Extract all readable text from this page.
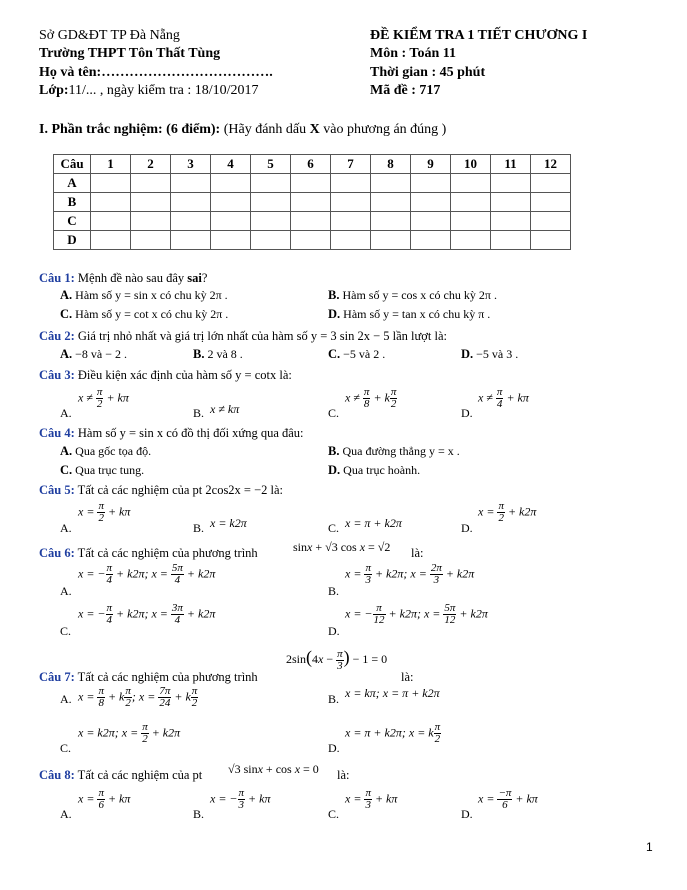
Sở GD&ĐT TP Đà Nẵng
Trường THPT Tôn Thất Tùng
Họ và tên:……………………………….
Lớp:11/... , ngày kiểm tra : 18/10/2017
ĐỀ KIỂM TRA 1 TIẾT CHƯƠNG I
Môn : Toán 11
Thời gian : 45 phút
Mã đề : 717
I. Phần trắc nghiệm: (6 điểm): (Hãy đánh dấu X vào phương án đúng )
Câu	1	2	3	4	5	6	7	8	9	10	11	12
A												
B												
C												
D												
Câu 1: Mệnh đề nào sau đây sai?
A. Hàm số y = sin x có chu kỳ 2π .	B. Hàm số y = cos x có chu kỳ 2π .
C. Hàm số y = cot x có chu kỳ 2π .	D. Hàm số y = tan x có chu kỳ π .
Câu 2: Giá trị nhỏ nhất và giá trị lớn nhất của hàm số y = 3 sin 2x − 5 lần lượt là:
A. −8 và − 2 .	B. 2 và 8 .	C. −5 và 2 .	D. −5 và 3 .
Câu 3: Điều kiện xác định của hàm số y = cotx là:
A.
$x \ne \frac{\pi}{2} + k\pi$
B. x ≠ kπ	C.
$x \ne \frac{\pi}{8} + k \frac{\pi}{2}$
D.
$x \ne \frac{\pi}{4} + k\pi$
Câu 4: Hàm số y = sin x có đồ thị đối xứng qua đâu:
A. Qua gốc tọa độ.	B. Qua đường thẳng y = x .
C. Qua trục tung.	D. Qua trục hoành.
Câu 5: Tất cả các nghiệm của pt 2cos2x = −2 là:
A.
$x = \frac{\pi}{2} + k\pi$
B. x = k2π	C. x = π + k2π	D.
$x = \frac{\pi}{2} + k2\pi$
Câu 6: Tất cả các nghiệm của phương trình	sinx + √3 cos x = √2 là:
A.
x = − $\frac{\pi}{4} + k2\pi$; $x = \frac{5\pi}{4} + k2\pi$
B.
$x = \frac{\pi}{3} + k2\pi$; $x = \frac{2\pi}{3} + k2\pi$
C.
x = − $\frac{\pi}{4} + k2\pi$; $x = \frac{3\pi}{4} + k2\pi$
D.
x = − $\frac{\pi}{12} + k2\pi$; $x = \frac{5\pi}{12} + k2\pi$
Câu 7: Tất cả các nghiệm của phương trình
$2\sin(4x - \frac{\pi}{3}$ ) − 1 = 0
là:
A. $x = \frac{\pi}{8} + k \frac{\pi}{2}$ ; $x = \frac{7\pi}{24} + k \frac{\pi}{2}$	B. x = kπ; x = π + k2π
C.
x = k2π; $x = \frac{\pi}{2} + k2\pi$
D.
x = π + k2π; x = k $\frac{\pi}{2}$
Câu 8: Tất cả các nghiệm của pt √3 sinx + cos x = 0 là:
A.
$x = \frac{\pi}{6} + k\pi$
B.
x = − $\frac{\pi}{3} + k\pi$
C.
$x = \frac{\pi}{3} + k\pi$
D.
$x = \frac{-\pi}{6} + k\pi$
1
